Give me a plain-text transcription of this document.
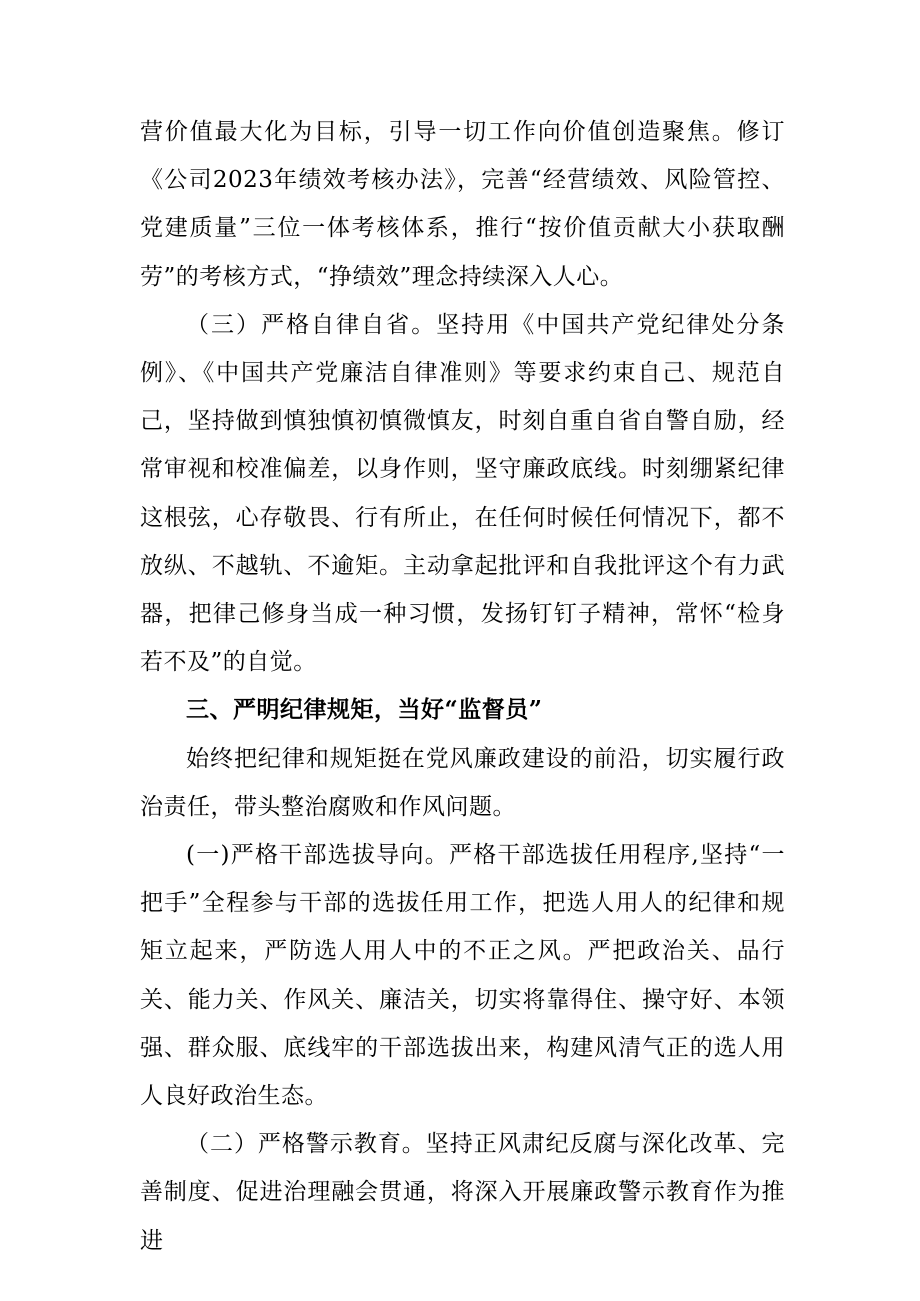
营价值最大化为目标，引导一切工作向价值创造聚焦。修订《公司2023年绩效考核办法》，完善“经营绩效、风险管控、党建质量”三位一体考核体系，推行“按价值贡献大小获取酬劳”的考核方式，“挣绩效”理念持续深入人心。

（三）严格自律自省。坚持用《中国共产党纪律处分条例》、《中国共产党廉洁自律准则》等要求约束自己、规范自己，坚持做到慎独慎初慎微慎友，时刻自重自省自警自励，经常审视和校准偏差，以身作则，坚守廉政底线。时刻绷紧纪律这根弦，心存敬畏、行有所止，在任何时候任何情况下，都不放纵、不越轨、不逾矩。主动拿起批评和自我批评这个有力武器，把律己修身当成一种习惯，发扬钉钉子精神，常怀“检身若不及”的自觉。

三、严明纪律规矩，当好“监督员”

始终把纪律和规矩挺在党风廉政建设的前沿，切实履行政治责任，带头整治腐败和作风问题。

(一)严格干部选拔导向。严格干部选拔任用程序,坚持“一把手”全程参与干部的选拔任用工作，把选人用人的纪律和规矩立起来，严防选人用人中的不正之风。严把政治关、品行关、能力关、作风关、廉洁关，切实将靠得住、操守好、本领强、群众服、底线牢的干部选拔出来，构建风清气正的选人用人良好政治生态。

（二）严格警示教育。坚持正风肃纪反腐与深化改革、完善制度、促进治理融会贯通，将深入开展廉政警示教育作为推进
